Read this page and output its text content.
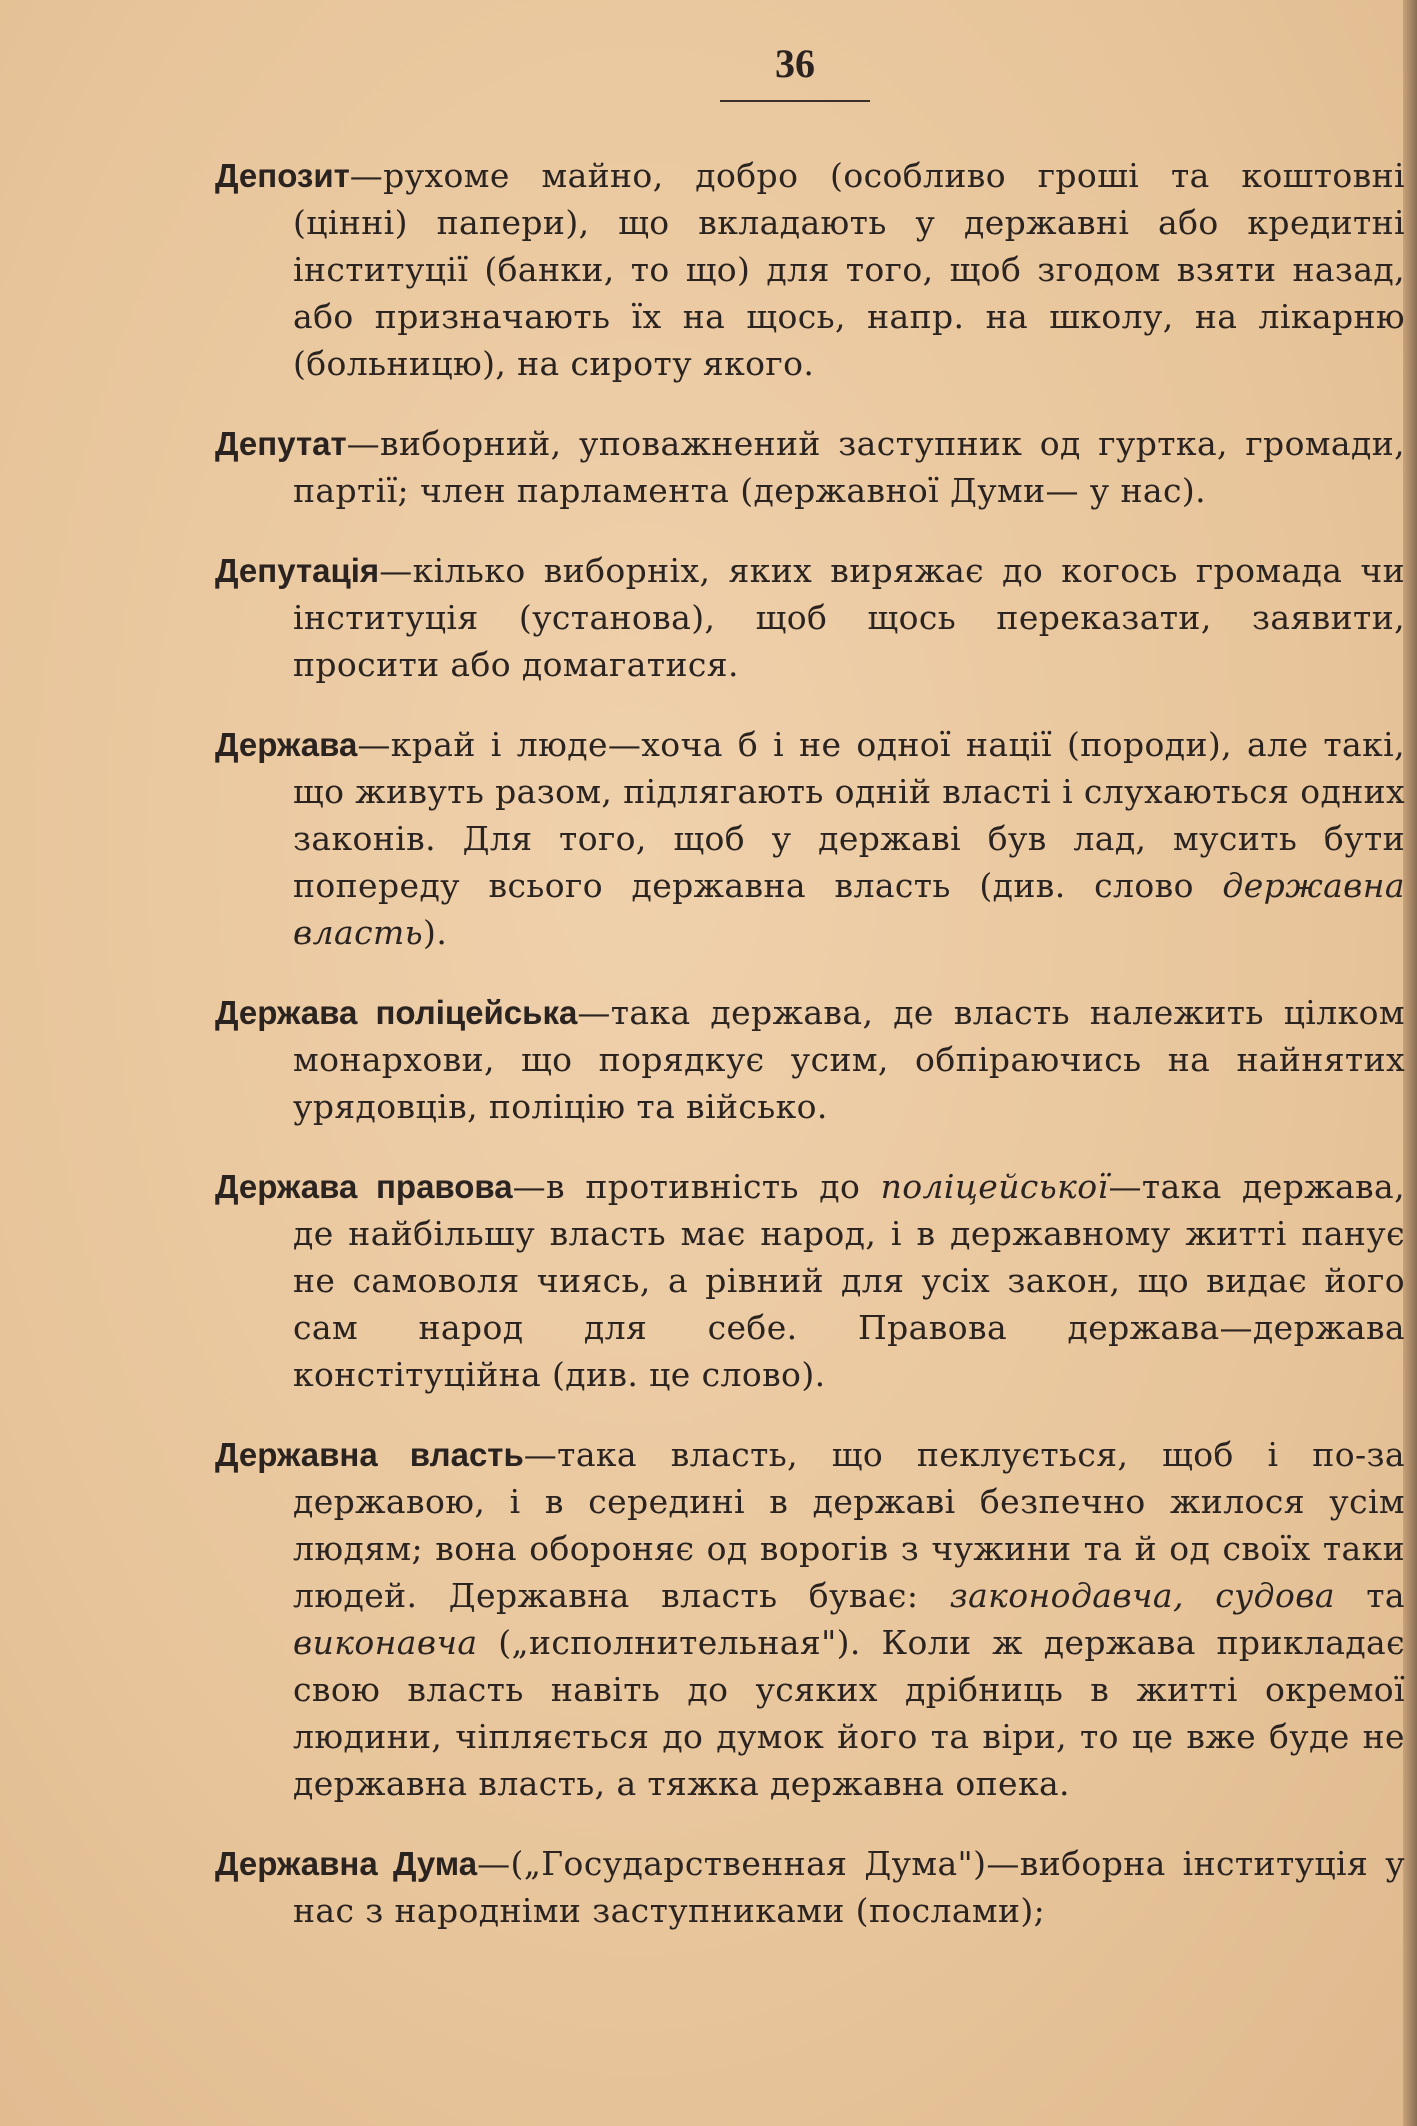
36

Депозит—рухоме майно, добро (особливо гроші та коштовні (цінні) папери), що вкладають у державні або кредитні інституції (банки, то що) для того, щоб згодом взяти назад, або призначають їх на щось, напр. на школу, на лікарню (больницю), на сироту якого.

Депутат—виборний, уповажнений заступник од гуртка, громади, партії; член парламента (державної Думи— у нас).

Депутація—кілько виборніх, яких виряжає до когось громада чи інституція (установа), щоб щось переказати, заявити, просити або домагатися.

Держава—край і люде—хоча б і не одної нації (породи), але такі, що живуть разом, підлягають одній власті і слухаються одних законів. Для того, щоб у державі був лад, мусить бути попереду всього державна власть (див. слово державна власть).

Держава поліцейська—така держава, де власть належить цілком монархови, що порядкує усим, обпіраючись на найнятих урядовців, поліцію та військо.

Держава правова—в противність до поліцейської—така держава, де найбільшу власть має народ, і в державному житті панує не самоволя чиясь, а рівний для усіх закон, що видає його сам народ для себе. Правова держава—держава констітуційна (див. це слово).

Державна власть—така власть, що пеклується, щоб і по-за державою, і в середині в державі безпечно жилося усім людям; вона обороняє од ворогів з чужини та й од своїх таки людей. Державна власть буває: законодавча, судова та виконавча („исполнительная"). Коли ж держава прикладає свою власть навіть до усяких дрібниць в житті окремої людини, чіпляється до думок його та віри, то це вже буде не державна власть, а тяжка державна опека.

Державна Дума—(„Государственная Дума")—виборна інституція у нас з народніми заступниками (послами);
